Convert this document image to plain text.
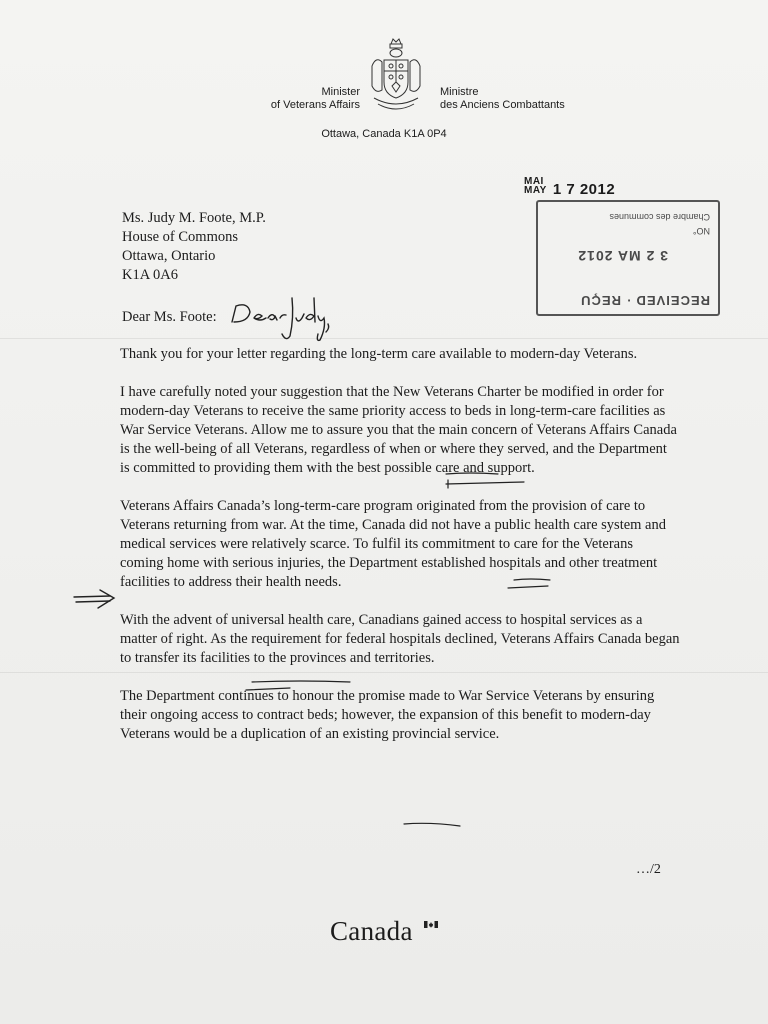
Minister
of Veterans Affairs
Ministre
des Anciens Combattants
Ottawa, Canada K1A 0P4
MAI
MAY 1 7 2012
RECEIVED · REÇU
3 2 MA 2012
NO°
Chambre des communes
Ms. Judy M. Foote, M.P.
House of Commons
Ottawa, Ontario
K1A 0A6
Dear Ms. Foote:

Thank you for your letter regarding the long-term care available to modern-day Veterans.

I have carefully noted your suggestion that the New Veterans Charter be modified in order for modern-day Veterans to receive the same priority access to beds in long-term-care facilities as War Service Veterans. Allow me to assure you that the main concern of Veterans Affairs Canada is the well-being of all Veterans, regardless of when or where they served, and the Department is committed to providing them with the best possible care and support.

Veterans Affairs Canada’s long-term-care program originated from the provision of care to Veterans returning from war. At the time, Canada did not have a public health care system and medical services were relatively scarce. To fulfil its commitment to care for the Veterans coming home with serious injuries, the Department established hospitals and other treatment facilities to address their health needs.

With the advent of universal health care, Canadians gained access to hospital services as a matter of right. As the requirement for federal hospitals declined, Veterans Affairs Canada began to transfer its facilities to the provinces and territories.

The Department continues to honour the promise made to War Service Veterans by ensuring their ongoing access to contract beds; however, the expansion of this benefit to modern-day Veterans would be a duplication of an existing provincial service.

…/2
Canada
